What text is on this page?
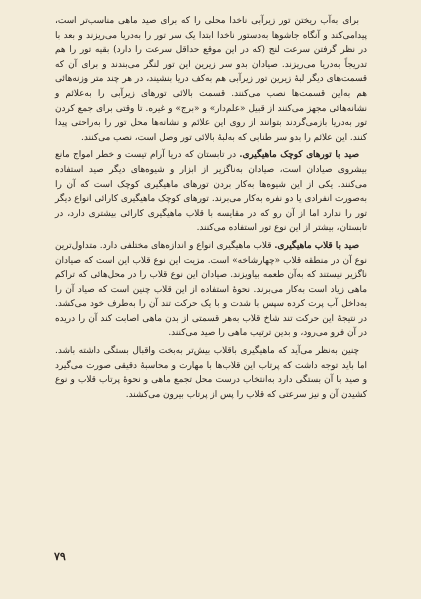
برای به‌آب ریختن تور زیرآبی ناخدا محلی را که برای صید ماهی مناسب‌تر است، پیدامی‌کند و آنگاه جاشوها به‌دستور ناخدا ابتدا یک سر تور را به‌دریا می‌ریزند و بعد با در نظر گرفتن سرعت لنج (که در این موقع حداقل سرعت را دارد) بقیه تور را هم تدریجاً به‌دریا می‌ریزند. صیادان بدو سر زیرین این تور لنگر می‌بندند و برای آن که قسمت‌های دیگر لبهٔ زیرین تور زیرآبی هم به‌کف دریا بنشیند، در هر چند متر وزنه‌هائی هم به‌این قسمت‌ها نصب می‌کنند. قسمت بالائی تورهای زیرآبی را به‌علائم و نشانه‌هائی مجهز می‌کنند از قبیل «علم‌دار» و «برج» و غیره. تا وقتی برای جمع کردن تور به‌دریا بازمی‌گردند بتوانند از روی این علائم و نشانه‌ها محل تور را به‌راحتی پیدا کنند. این علائم را بدو سر طنابی که به‌لبهٔ بالائی تور وصل است، نصب می‌کنند.

صید با تورهای کوچک ماهیگیری. در تابستان که دریا آرام تیست و خطر امواج مانع بیشروی صیادان است، صیادان به‌ناگزیر از ابزار و شیوه‌های دیگر صید استفاده می‌کنند. یکی از این شیوه‌ها به‌کار بردن تورهای ماهیگیری کوچک است که آن را به‌صورت انفرادی یا دو نفره به‌کار می‌برند. تورهای کوچک ماهیگیری کارائی انواع دیگر تور را ندارد اما از آن رو که در مقایسه با قلاب ماهیگیری کارائی بیشتری دارد، در تابستان، بیشتر از این نوع تور استفاده می‌کنند.

صید با قلاب ماهیگیری. قلاب ماهیگیری انواع و اندازه‌های مختلفی دارد. متداول‌ترین نوع آن در منطقه قلاب «چهارشاخه» است. مزیت این نوع قلاب این است که صیادان ناگزیر نیستند که به‌آن طعمه بیاویزند. صیادان این نوع قلاب را در محل‌هائی که تراکم ماهی زیاد است به‌کار می‌برند. نحوهٔ استفاده از این قلاب چنین است که صیاد آن را به‌داخل آب پرت کرده سپس با شدت و با یک حرکت تند آن را به‌طرف خود می‌کشد. در نتیجهٔ این حرکت تند شاخ قلاب به‌هر قسمتی از بدن ماهی اصابت کند آن را دریده در آن فرو می‌رود، و بدین ترتیب ماهی را صید می‌کنند.

چنین به‌نظر می‌آید که ماهیگیری باقلاب بیش‌تر به‌بخت واقبال بستگی داشته باشد. اما باید توجه داشت که پرتاب این قلاب‌ها با مهارت و محاسبهٔ دقیقی صورت می‌گیرد و صید با آن بستگی دارد به‌انتخاب درست محل تجمع ماهی و نحوهٔ پرتاب قلاب و نوع کشیدن آن و نیز سرعتی که قلاب را پس از پرتاب بیرون می‌کشند.

۷۹
